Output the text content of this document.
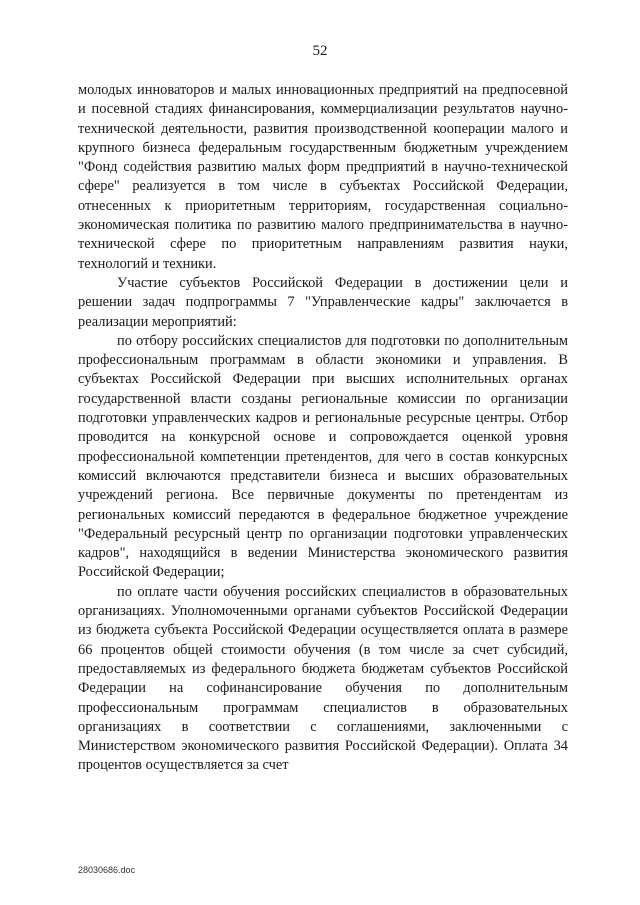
52

молодых инноваторов и малых инновационных предприятий на предпосевной и посевной стадиях финансирования, коммерциализации результатов научно-технической деятельности, развития производственной кооперации малого и крупного бизнеса федеральным государственным бюджетным учреждением "Фонд содействия развитию малых форм предприятий в научно-технической сфере" реализуется в том числе в субъектах Российской Федерации, отнесенных к приоритетным территориям, государственная социально-экономическая политика по развитию малого предпринимательства в научно-технической сфере по приоритетным направлениям развития науки, технологий и техники.

Участие субъектов Российской Федерации в достижении цели и решении задач подпрограммы 7 "Управленческие кадры" заключается в реализации мероприятий:

по отбору российских специалистов для подготовки по дополнительным профессиональным программам в области экономики и управления. В субъектах Российской Федерации при высших исполнительных органах государственной власти созданы региональные комиссии по организации подготовки управленческих кадров и региональные ресурсные центры. Отбор проводится на конкурсной основе и сопровождается оценкой уровня профессиональной компетенции претендентов, для чего в состав конкурсных комиссий включаются представители бизнеса и высших образовательных учреждений региона. Все первичные документы по претендентам из региональных комиссий передаются в федеральное бюджетное учреждение "Федеральный ресурсный центр по организации подготовки управленческих кадров", находящийся в ведении Министерства экономического развития Российской Федерации;

по оплате части обучения российских специалистов в образовательных организациях. Уполномоченными органами субъектов Российской Федерации из бюджета субъекта Российской Федерации осуществляется оплата в размере 66 процентов общей стоимости обучения (в том числе за счет субсидий, предоставляемых из федерального бюджета бюджетам субъектов Российской Федерации на софинансирование обучения по дополнительным профессиональным программам специалистов в образовательных организациях в соответствии с соглашениями, заключенными с Министерством экономического развития Российской Федерации). Оплата 34 процентов осуществляется за счет

28030686.doc
